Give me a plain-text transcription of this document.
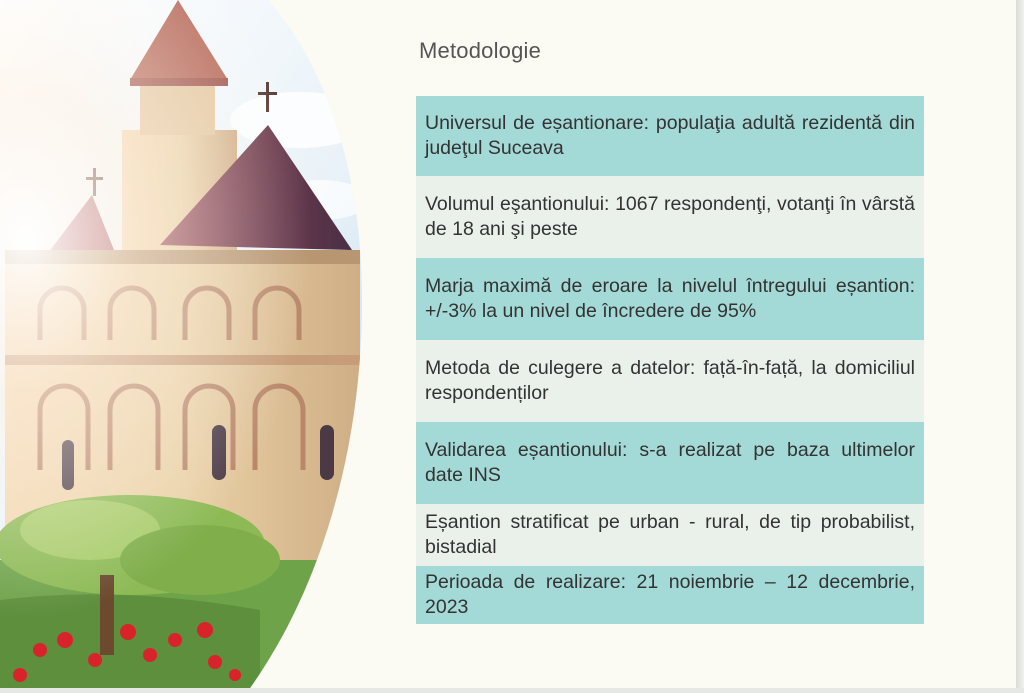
Metodologie
Universul de eșantionare: populaţia adultă rezidentă din judeţul Suceava
Volumul eşantionului: 1067 respondenţi, votanţi în vârstă de 18 ani şi peste
Marja maximă de eroare la nivelul întregului eșantion: +/-3% la un nivel de încredere de 95%
Metoda de culegere a datelor: față-în-față, la domiciliul respondenților
Validarea eșantionului: s-a realizat pe baza ultimelor date INS
Eșantion stratificat pe urban - rural, de tip probabilist, bistadial
Perioada de realizare: 21 noiembrie – 12 decembrie, 2023
